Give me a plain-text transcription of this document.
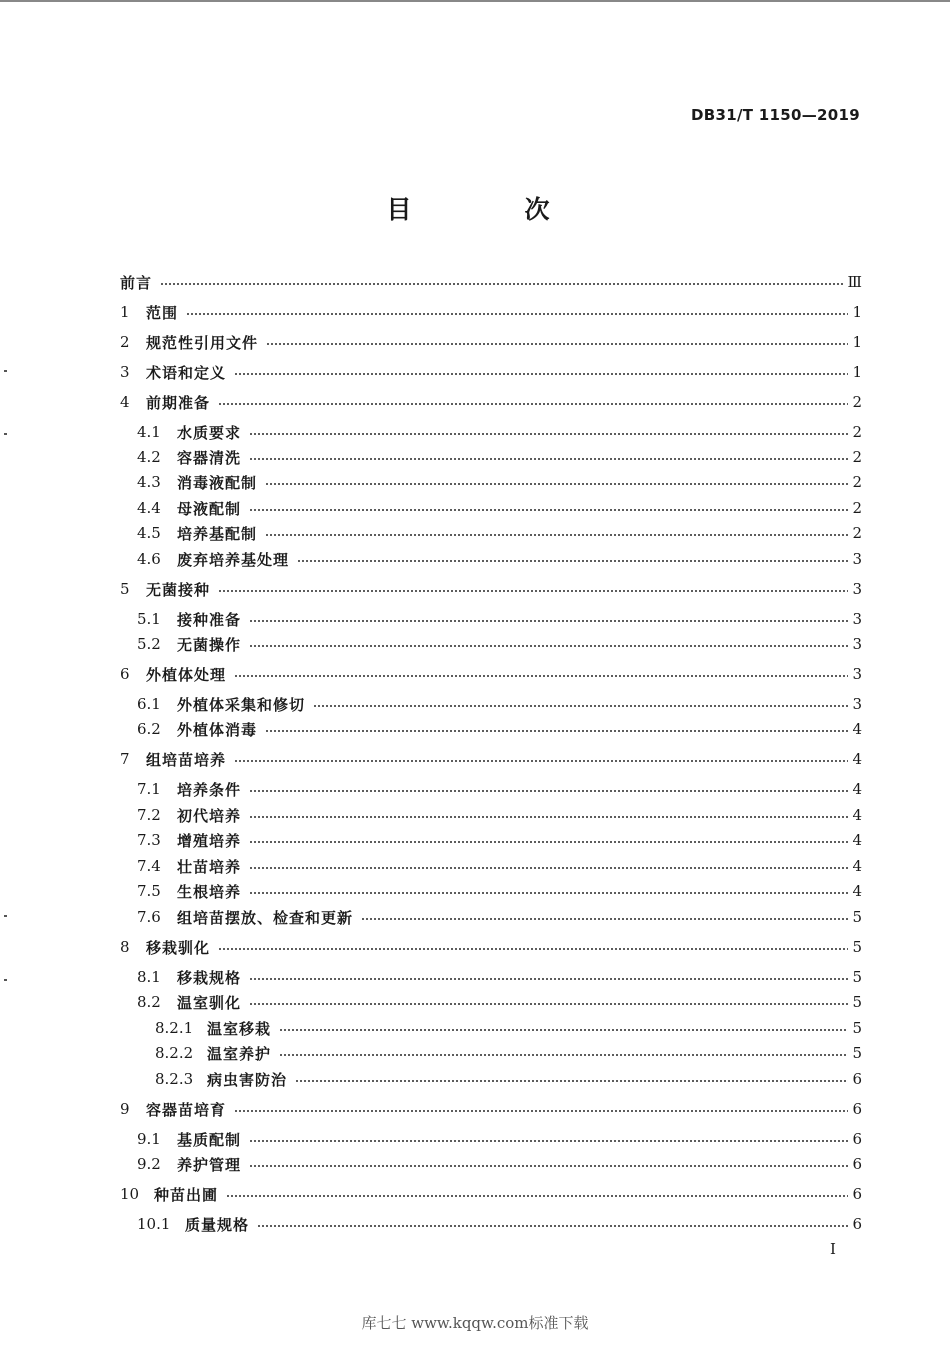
DB31/T 1150—2019
目　次
前言	Ⅲ
1	范围	1
2	规范性引用文件	1
3	术语和定义	1
4	前期准备	2
4.1	水质要求	2
4.2	容器清洗	2
4.3	消毒液配制	2
4.4	母液配制	2
4.5	培养基配制	2
4.6	废弃培养基处理	3
5	无菌接种	3
5.1	接种准备	3
5.2	无菌操作	3
6	外植体处理	3
6.1	外植体采集和修切	3
6.2	外植体消毒	4
7	组培苗培养	4
7.1	培养条件	4
7.2	初代培养	4
7.3	增殖培养	4
7.4	壮苗培养	4
7.5	生根培养	4
7.6	组培苗摆放、检查和更新	5
8	移栽驯化	5
8.1	移栽规格	5
8.2	温室驯化	5
8.2.1 温室移栽	5
8.2.2 温室养护	5
8.2.3 病虫害防治	6
9	容器苗培育	6
9.1	基质配制	6
9.2	养护管理	6
10 种苗出圃	6
10.1 质量规格	6
I
库七七 www.kqqw.com标准下载
